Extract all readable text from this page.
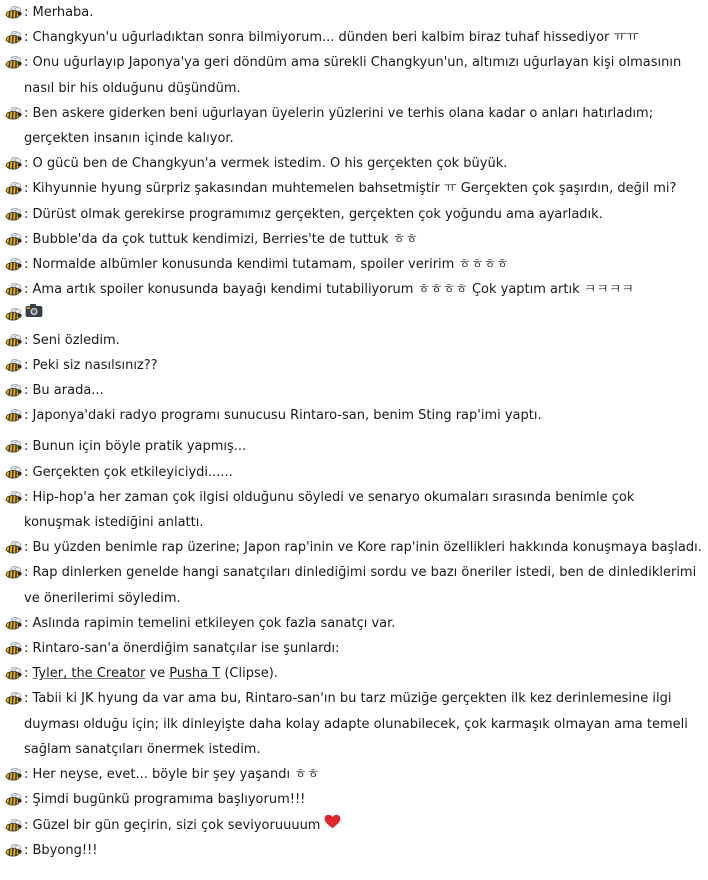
: Merhaba.
: Changkyun'u uğurladıktan sonra bilmiyorum... dünden beri kalbim biraz tuhaf hissediyor ㅠㅠ
: Onu uğurlayıp Japonya'ya geri döndüm ama sürekli Changkyun'un, altımızı uğurlayan kişi olmasının nasıl bir his olduğunu düşündüm.
: Ben askere giderken beni uğurlayan üyelerin yüzlerini ve terhis olana kadar o anları hatırladım; gerçekten insanın içinde kalıyor.
: O gücü ben de Changkyun'a vermek istedim. O his gerçekten çok büyük.
: Kihyunnie hyung sürpriz şakasından muhtemelen bahsetmiştir ㅠ Gerçekten çok şaşırdın, değil mi?
: Dürüst olmak gerekirse programımız gerçekten, gerçekten çok yoğundu ama ayarladık.
: Bubble'da da çok tuttuk kendimizi, Berries'te de tuttuk ㅎㅎ
: Normalde albümler konusunda kendimi tutamam, spoiler veririm ㅎㅎㅎㅎ
: Ama artık spoiler konusunda bayağı kendimi tutabiliyorum ㅎㅎㅎㅎ Çok yaptım artık ㅋㅋㅋㅋ
: Seni özledim.
: Peki siz nasılsınız??
: Bu arada...
: Japonya'daki radyo programı sunucusu Rintaro-san, benim Sting rap'imi yaptı.
: Bunun için böyle pratik yapmış...
: Gerçekten çok etkileyiciydi......
: Hip-hop'a her zaman çok ilgisi olduğunu söyledi ve senaryo okumaları sırasında benimle çok konuşmak istediğini anlattı.
: Bu yüzden benimle rap üzerine; Japon rap'inin ve Kore rap'inin özellikleri hakkında konuşmaya başladı.
: Rap dinlerken genelde hangi sanatçıları dinlediğimi sordu ve bazı öneriler istedi, ben de dinlediklerimi ve önerilerimi söyledim.
: Aslında rapimin temelini etkileyen çok fazla sanatçı var.
: Rintaro-san'a önerdiğim sanatçılar ise şunlardı:
: Tyler, the Creator ve Pusha T (Clipse).
: Tabii ki JK hyung da var ama bu, Rintaro-san'ın bu tarz müziğe gerçekten ilk kez derinlemesine ilgi duyması olduğu için; ilk dinleyişte daha kolay adapte olunabilecek, çok karmaşık olmayan ama temeli sağlam sanatçıları önermek istedim.
: Her neyse, evet... böyle bir şey yaşandı ㅎㅎ
: Şimdi bugünkü programıma başlıyorum!!!
: Güzel bir gün geçirin, sizi çok seviyoruuuum
: Bbyong!!!
